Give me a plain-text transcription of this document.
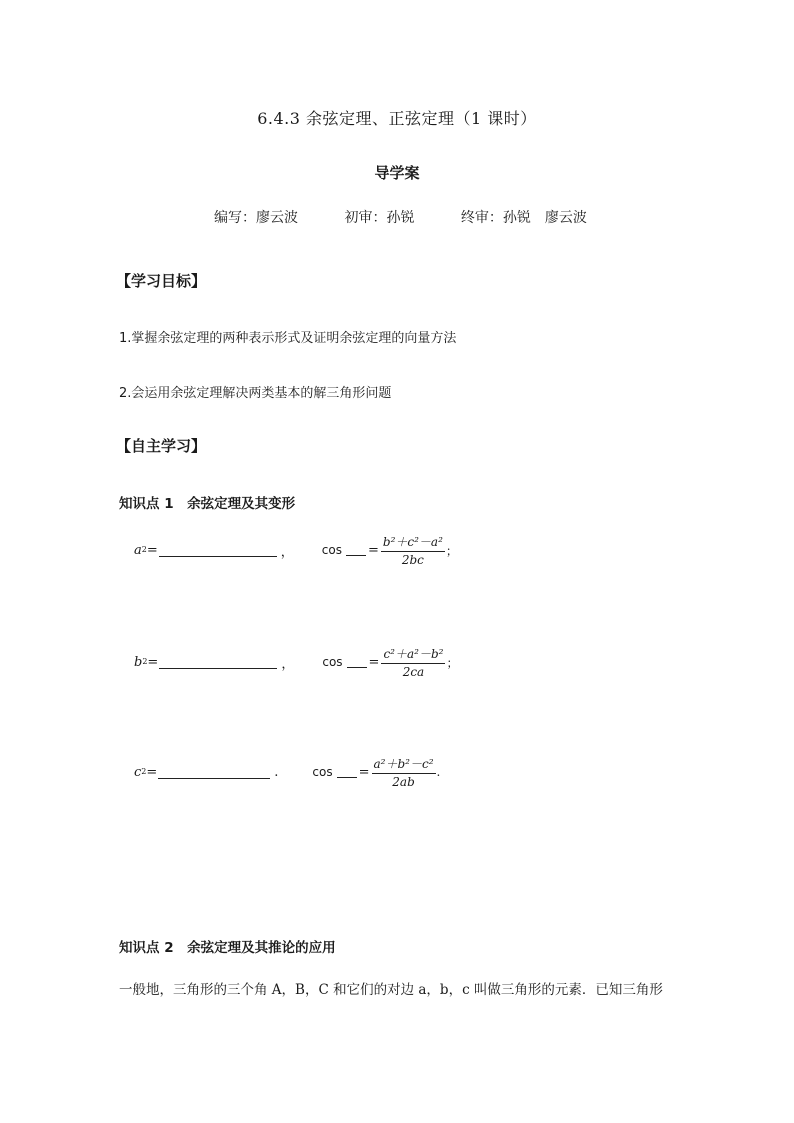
6.4.3 余弦定理、正弦定理（1 课时）
导学案
编写：廖云波	初审：孙锐	终审：孙锐　廖云波
【学习目标】
1.掌握余弦定理的两种表示形式及证明余弦定理的向量方法
2.会运用余弦定理解决两类基本的解三角形问题
【自主学习】
知识点 1　余弦定理及其变形
a 2 =	， $\cos = \frac{\text{b²＋c²－a²}}{2bc}$ ；
b 2 =	， $\cos = \frac{\text{c²＋a²－b²}}{2ca}$ ；
c 2 =	.	$\cos = \frac{\text{a²＋b²－c²}}{2ab}$ .
知识点 2　余弦定理及其推论的应用
一般地，三角形的三个角 A，B，C 和它们的对边 a，b，c 叫做三角形的元素．已知三角形
